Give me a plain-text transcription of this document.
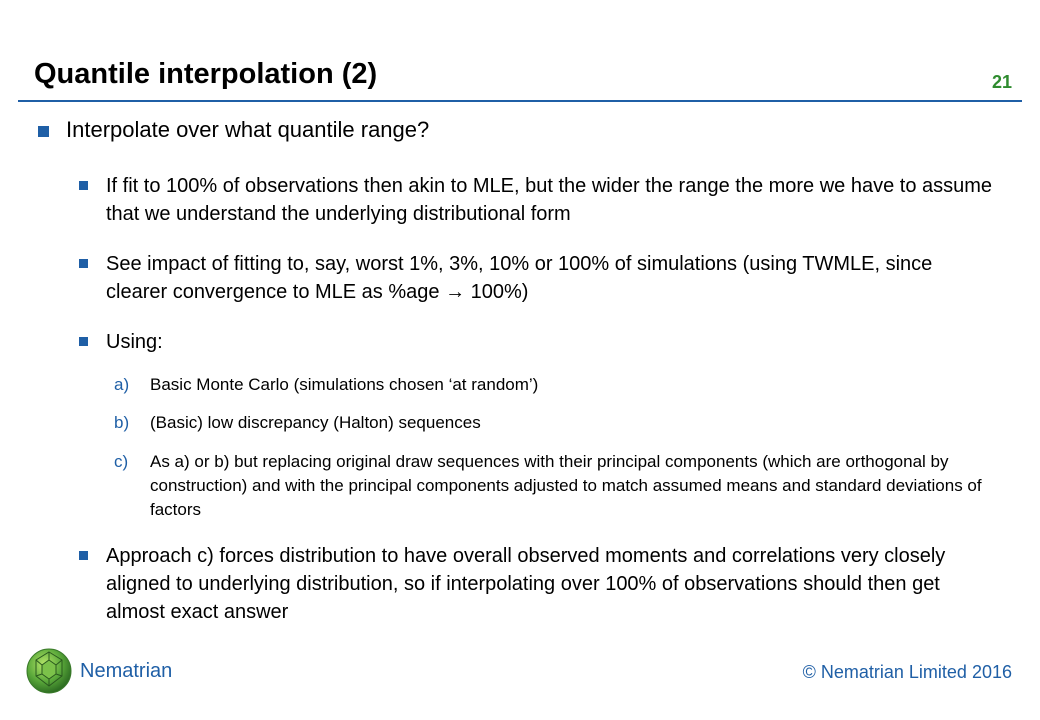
Quantile interpolation (2)	21
Interpolate over what quantile range?
If fit to 100% of observations then akin to MLE, but the wider the range the more we have to assume that we understand the underlying distributional form
See impact of fitting to, say, worst 1%, 3%, 10% or 100% of simulations (using TWMLE, since clearer convergence to MLE as %age → 100%)
Using:
a) Basic Monte Carlo (simulations chosen ‘at random’)
b) (Basic) low discrepancy (Halton) sequences
c) As a) or b) but replacing original draw sequences with their principal components (which are orthogonal by construction) and with the principal components adjusted to match assumed means and standard deviations of factors
Approach c) forces distribution to have overall observed moments and correlations very closely aligned to underlying distribution, so if interpolating over 100% of observations should then get almost exact answer
Nematrian	© Nematrian Limited 2016
